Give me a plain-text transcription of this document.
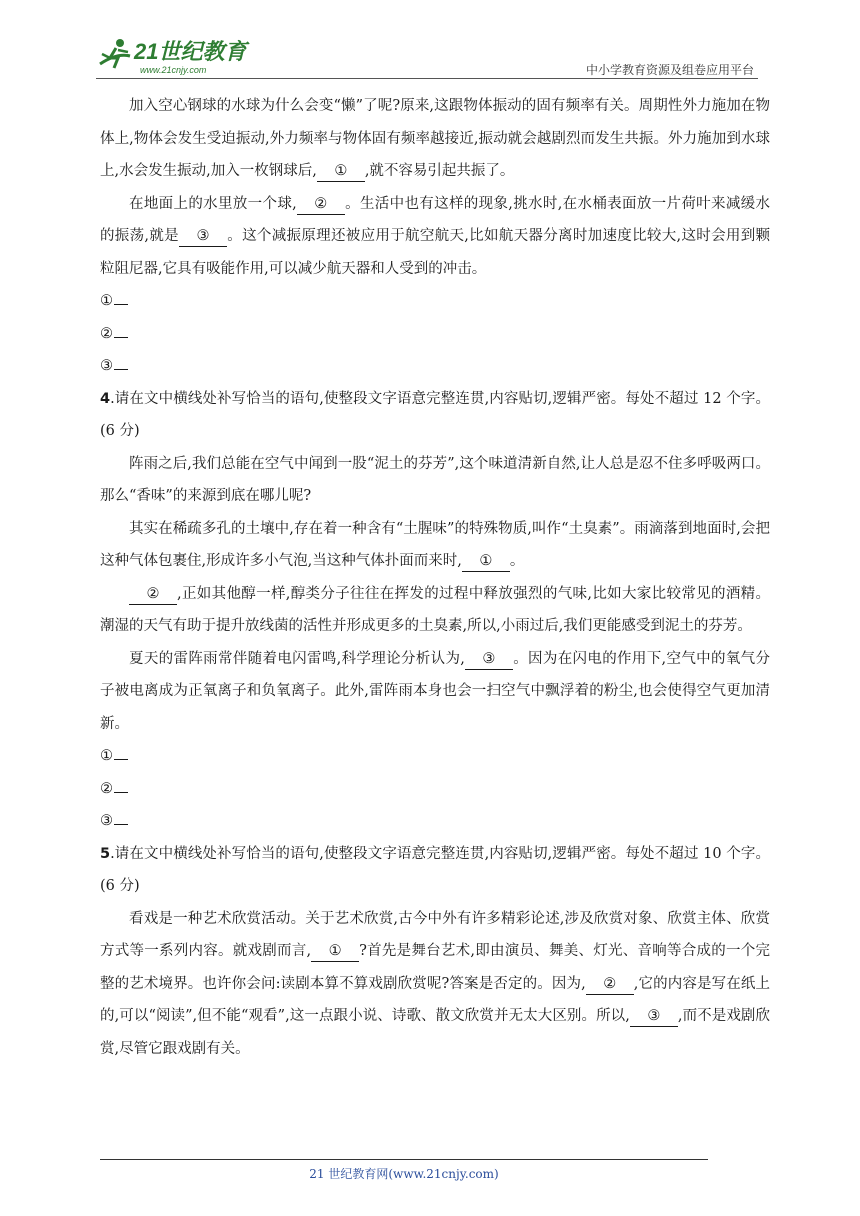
21世纪教育
www.21cnjy.com	中小学教育资源及组卷应用平台

加入空心钢球的水球为什么会变“懒”了呢?原来,这跟物体振动的固有频率有关。周期性外力施加在物体上,物体会发生受迫振动,外力频率与物体固有频率越接近,振动就会越剧烈而发生共振。外力施加到水球上,水会发生振动,加入一枚钢球后, ① ,就不容易引起共振了。

在地面上的水里放一个球, ② 。生活中也有这样的现象,挑水时,在水桶表面放一片荷叶来减缓水的振荡,就是 ③ 。这个减振原理还被应用于航空航天,比如航天器分离时加速度比较大,这时会用到颗粒阻尼器,它具有吸能作用,可以减少航天器和人受到的冲击。

①

②

③

4.请在文中横线处补写恰当的语句,使整段文字语意完整连贯,内容贴切,逻辑严密。每处不超过 12 个字。(6 分)

阵雨之后,我们总能在空气中闻到一股“泥土的芬芳”,这个味道清新自然,让人总是忍不住多呼吸两口。那么“香味”的来源到底在哪儿呢?

其实在稀疏多孔的土壤中,存在着一种含有“土腥味”的特殊物质,叫作“土臭素”。雨滴落到地面时,会把这种气体包裹住,形成许多小气泡,当这种气体扑面而来时, ① 。

② ,正如其他醇一样,醇类分子往往在挥发的过程中释放强烈的气味,比如大家比较常见的酒精。潮湿的天气有助于提升放线菌的活性并形成更多的土臭素,所以,小雨过后,我们更能感受到泥土的芬芳。

夏天的雷阵雨常伴随着电闪雷鸣,科学理论分析认为, ③ 。因为在闪电的作用下,空气中的氧气分子被电离成为正氧离子和负氧离子。此外,雷阵雨本身也会一扫空气中飘浮着的粉尘,也会使得空气更加清新。

①

②

③

5.请在文中横线处补写恰当的语句,使整段文字语意完整连贯,内容贴切,逻辑严密。每处不超过 10 个字。(6 分)

看戏是一种艺术欣赏活动。关于艺术欣赏,古今中外有许多精彩论述,涉及欣赏对象、欣赏主体、欣赏方式等一系列内容。就戏剧而言, ① ?首先是舞台艺术,即由演员、舞美、灯光、音响等合成的一个完整的艺术境界。也许你会问:读剧本算不算戏剧欣赏呢?答案是否定的。因为, ② ,它的内容是写在纸上的,可以“阅读”,但不能“观看”,这一点跟小说、诗歌、散文欣赏并无太大区别。所以, ③ ,而不是戏剧欣赏,尽管它跟戏剧有关。

21 世纪教育网(www.21cnjy.com)
